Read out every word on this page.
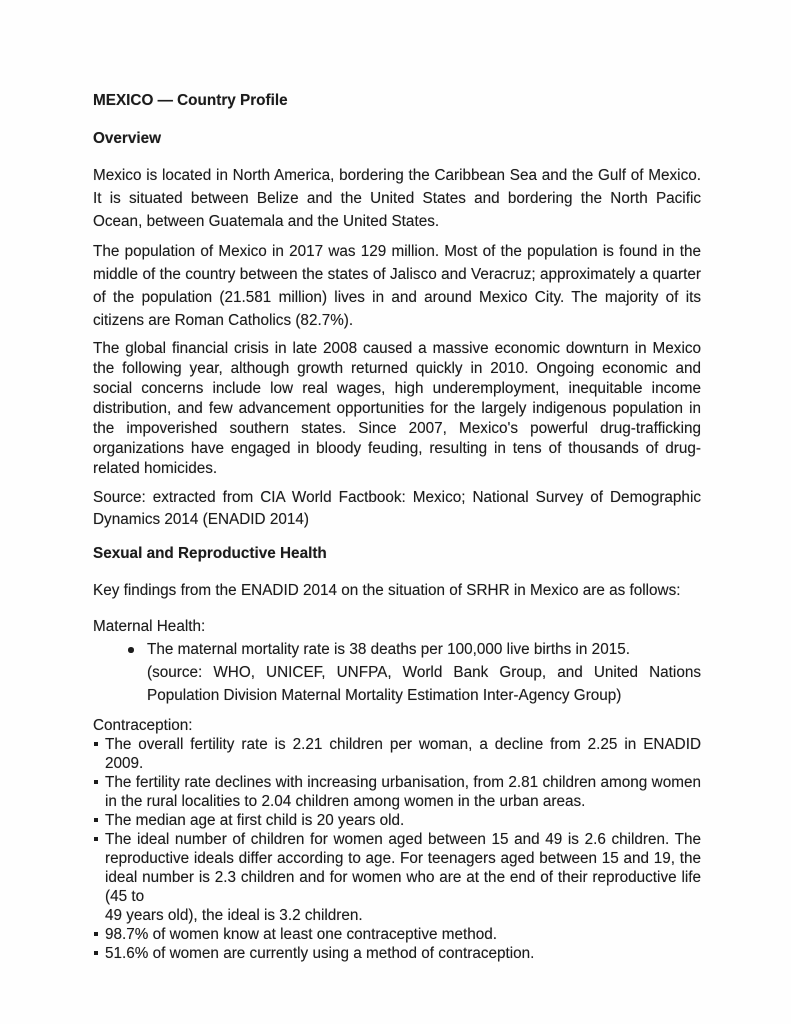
MEXICO — Country Profile

Overview

Mexico is located in North America, bordering the Caribbean Sea and the Gulf of Mexico. It is situated between Belize and the United States and bordering the North Pacific Ocean, between Guatemala and the United States.

The population of Mexico in 2017 was 129 million. Most of the population is found in the middle of the country between the states of Jalisco and Veracruz; approximately a quarter of the population (21.581 million) lives in and around Mexico City. The majority of its citizens are Roman Catholics (82.7%).

The global financial crisis in late 2008 caused a massive economic downturn in Mexico the following year, although growth returned quickly in 2010. Ongoing economic and social concerns include low real wages, high underemployment, inequitable income distribution, and few advancement opportunities for the largely indigenous population in the impoverished southern states. Since 2007, Mexico's powerful drug-trafficking organizations have engaged in bloody feuding, resulting in tens of thousands of drug-related homicides.

Source: extracted from CIA World Factbook: Mexico; National Survey of Demographic Dynamics 2014 (ENADID 2014)

Sexual and Reproductive Health

Key findings from the ENADID 2014 on the situation of SRHR in Mexico are as follows:

Maternal Health:

The maternal mortality rate is 38 deaths per 100,000 live births in 2015.
(source: WHO, UNICEF, UNFPA, World Bank Group, and United Nations Population Division Maternal Mortality Estimation Inter-Agency Group)

Contraception:

The overall fertility rate is 2.21 children per woman, a decline from 2.25 in ENADID 2009.
The fertility rate declines with increasing urbanisation, from 2.81 children among women in the rural localities to 2.04 children among women in the urban areas.
The median age at first child is 20 years old.
The ideal number of children for women aged between 15 and 49 is 2.6 children. The reproductive ideals differ according to age. For teenagers aged between 15 and 19, the ideal number is 2.3 children and for women who are at the end of their reproductive life (45 to
49 years old), the ideal is 3.2 children.
98.7% of women know at least one contraceptive method.
51.6% of women are currently using a method of contraception.
